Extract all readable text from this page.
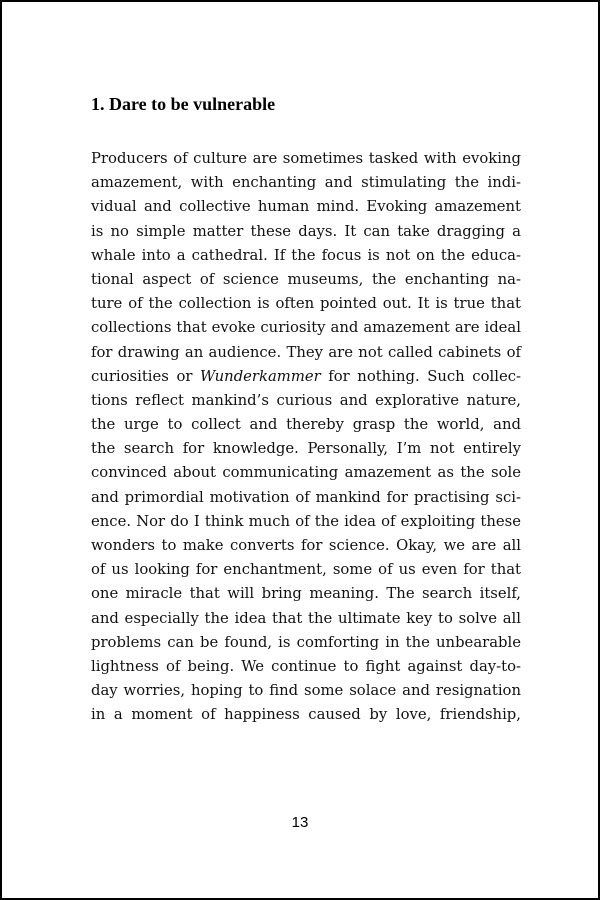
1. Dare to be vulnerable
Producers of culture are sometimes tasked with evoking
amazement, with enchanting and stimulating the indi-
vidual and collective human mind. Evoking amazement
is no simple matter these days. It can take dragging a
whale into a cathedral. If the focus is not on the educa-
tional aspect of science museums, the enchanting na-
ture of the collection is often pointed out. It is true that
collections that evoke curiosity and amazement are ideal
for drawing an audience. They are not called cabinets of
curiosities or Wunderkammer for nothing. Such collec-
tions reflect mankind’s curious and explorative nature,
the urge to collect and thereby grasp the world, and
the search for knowledge. Personally, I’m not entirely
convinced about communicating amazement as the sole
and primordial motivation of mankind for practising sci-
ence. Nor do I think much of the idea of exploiting these
wonders to make converts for science. Okay, we are all
of us looking for enchantment, some of us even for that
one miracle that will bring meaning. The search itself,
and especially the idea that the ultimate key to solve all
problems can be found, is comforting in the unbearable
lightness of being. We continue to fight against day-to-
day worries, hoping to find some solace and resignation
in a moment of happiness caused by love, friendship,
13
